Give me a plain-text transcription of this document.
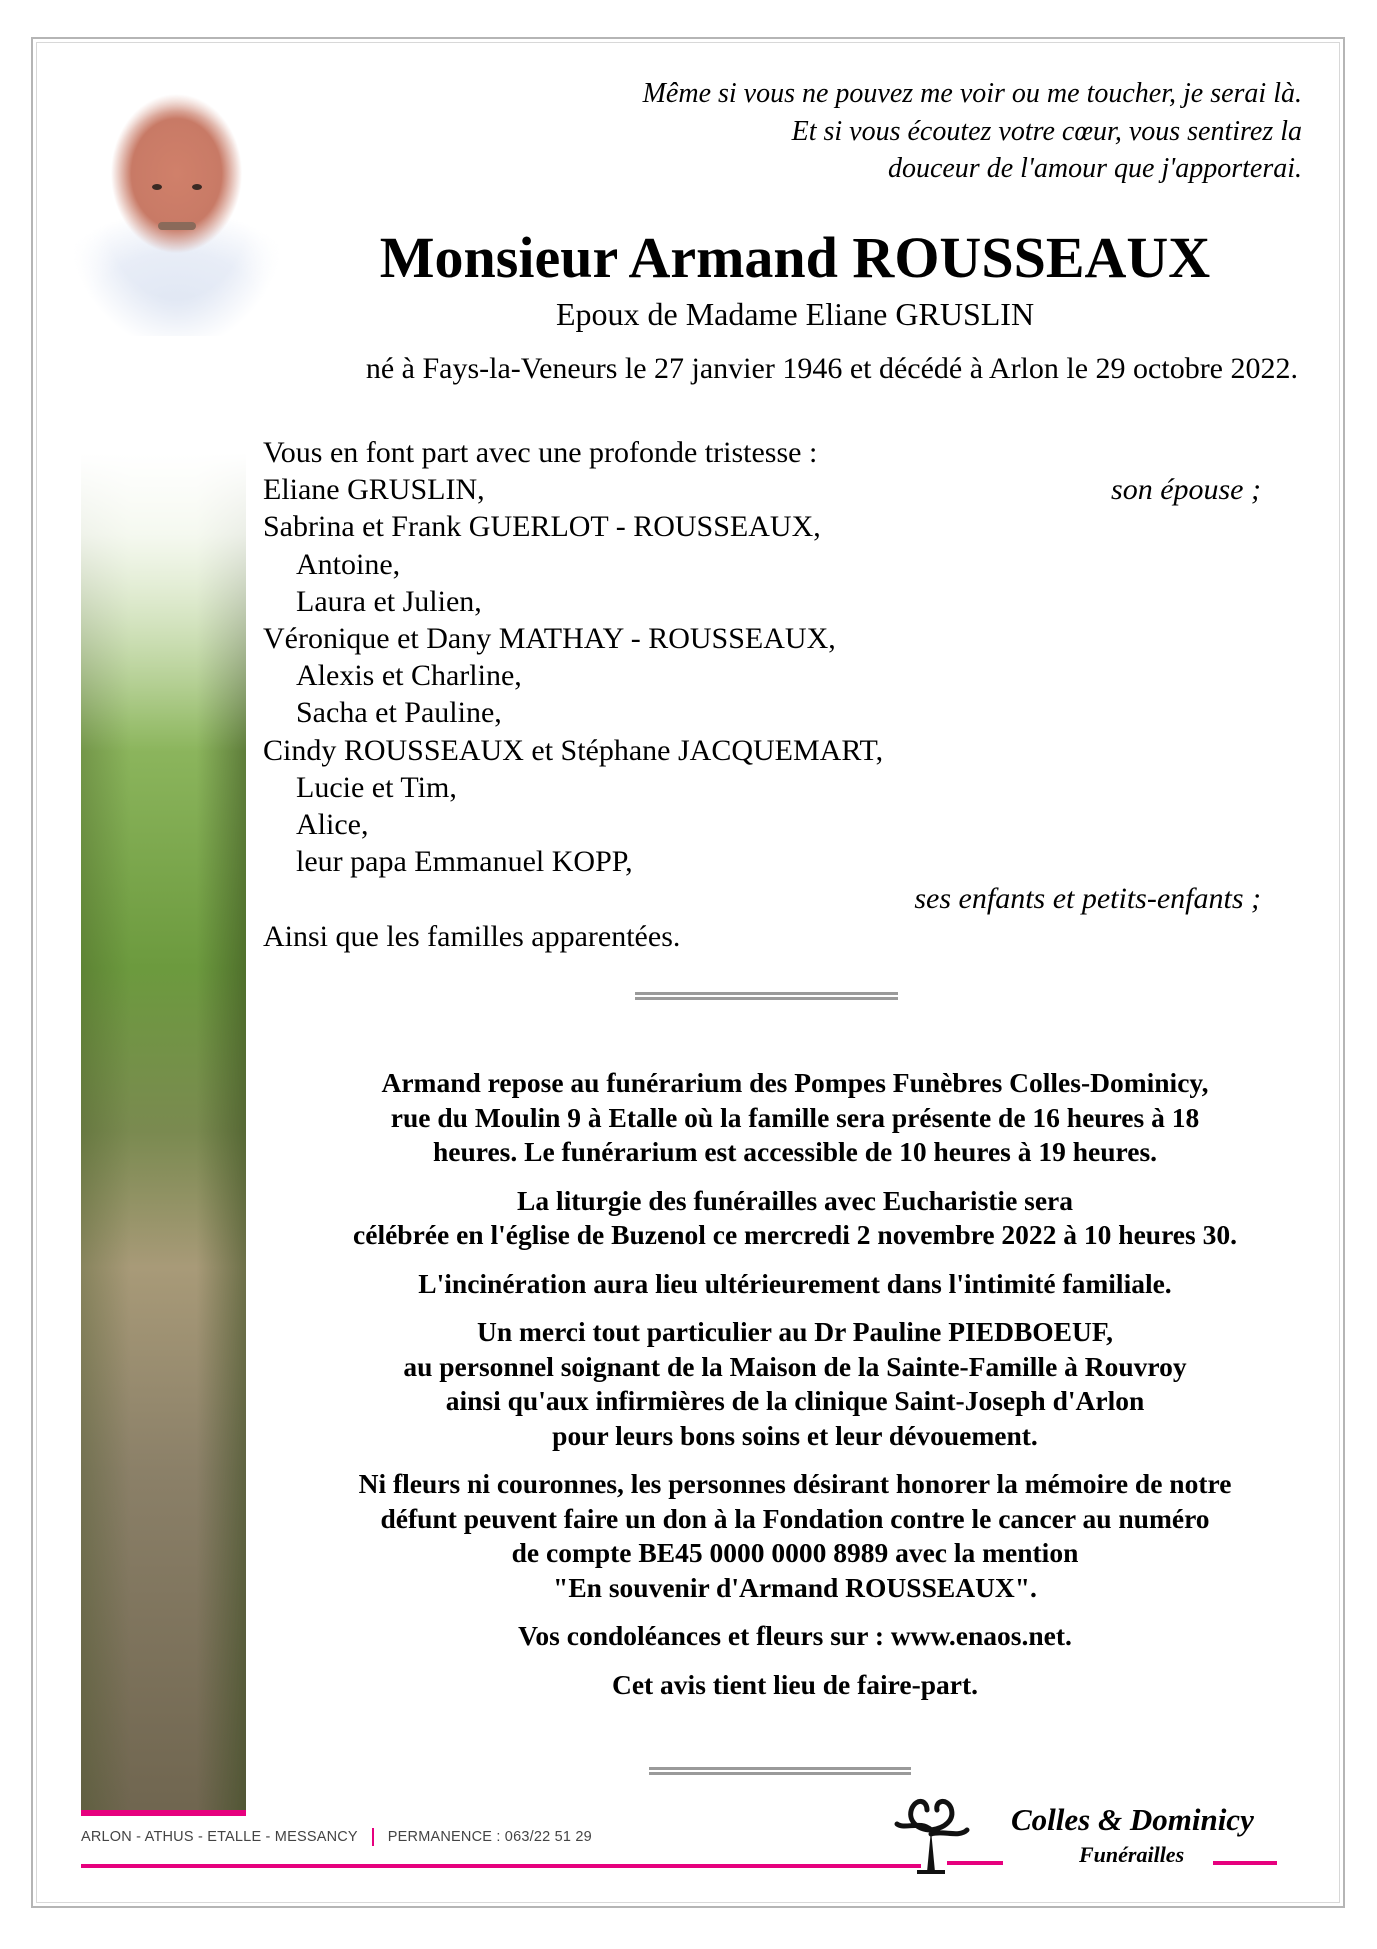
Même si vous ne pouvez me voir ou me toucher, je serai là.
Et si vous écoutez votre cœur, vous sentirez la
douceur de l'amour que j'apporterai.
Monsieur Armand ROUSSEAUX
Epoux de Madame Eliane GRUSLIN
né à Fays-la-Veneurs le 27 janvier 1946 et décédé à Arlon le 29 octobre 2022.
Vous en font part avec une profonde tristesse :
Eliane GRUSLIN,	son épouse ;
Sabrina et Frank GUERLOT - ROUSSEAUX,
Antoine,
Laura et Julien,
Véronique et Dany MATHAY - ROUSSEAUX,
Alexis et Charline,
Sacha et Pauline,
Cindy ROUSSEAUX et Stéphane JACQUEMART,
Lucie et Tim,
Alice,
leur papa Emmanuel KOPP,
ses enfants et petits-enfants ;
Ainsi que les familles apparentées.

Armand repose au funérarium des Pompes Funèbres Colles-Dominicy,
rue du Moulin 9 à Etalle où la famille sera présente de 16 heures à 18
heures. Le funérarium est accessible de 10 heures à 19 heures.

La liturgie des funérailles avec Eucharistie sera
célébrée en l'église de Buzenol ce mercredi 2 novembre 2022 à 10 heures 30.

L'incinération aura lieu ultérieurement dans l'intimité familiale.

Un merci tout particulier au Dr Pauline PIEDBOEUF,
au personnel soignant de la Maison de la Sainte-Famille à Rouvroy
ainsi qu'aux infirmières de la clinique Saint-Joseph d'Arlon
pour leurs bons soins et leur dévouement.

Ni fleurs ni couronnes, les personnes désirant honorer la mémoire de notre
défunt peuvent faire un don à la Fondation contre le cancer au numéro
de compte BE45 0000 0000 8989 avec la mention
"En souvenir d'Armand ROUSSEAUX".

Vos condoléances et fleurs sur : www.enaos.net.

Cet avis tient lieu de faire-part.

ARLON - ATHUS - ETALLE - MESSANCY PERMANENCE : 063/22 51 29	Colles & Dominicy
Funérailles
